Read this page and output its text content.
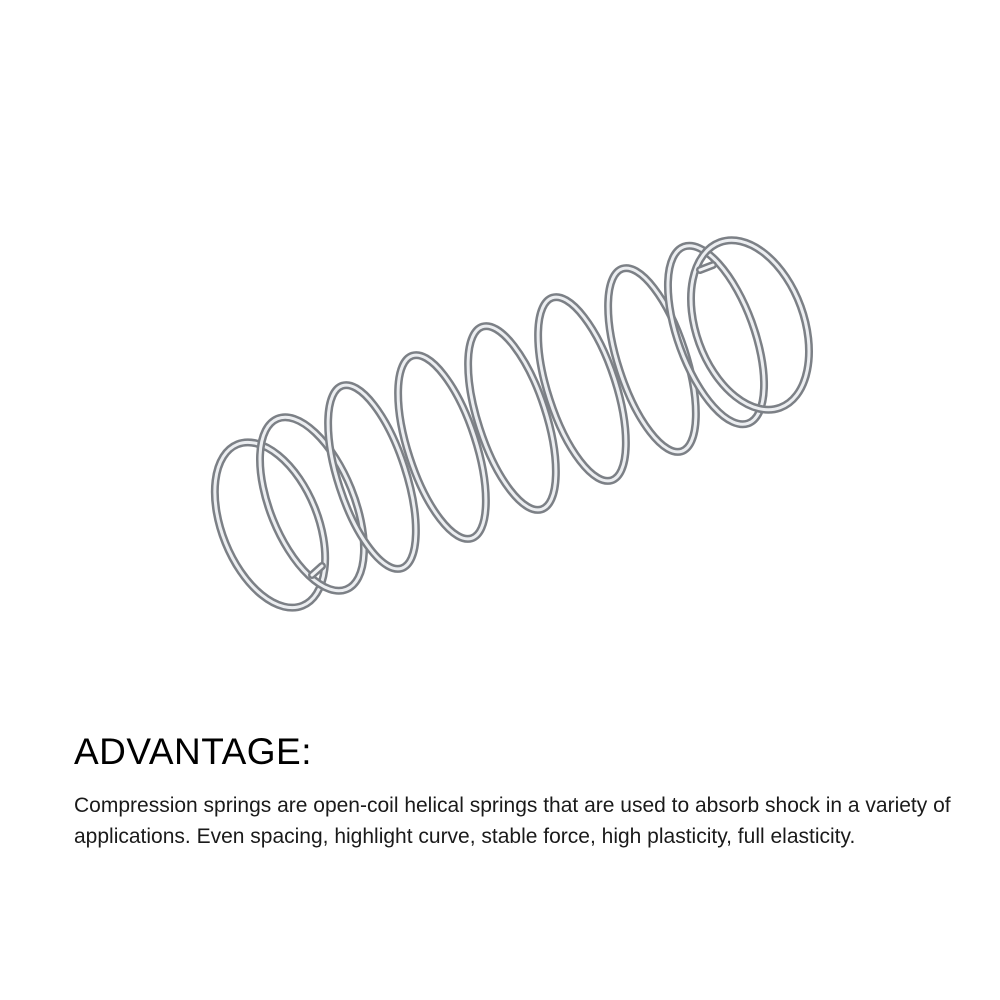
ADVANTAGE:

Compression springs are open-coil helical springs that are used to absorb shock in a variety of applications. Even spacing, highlight curve, stable force, high plasticity, full elasticity.
